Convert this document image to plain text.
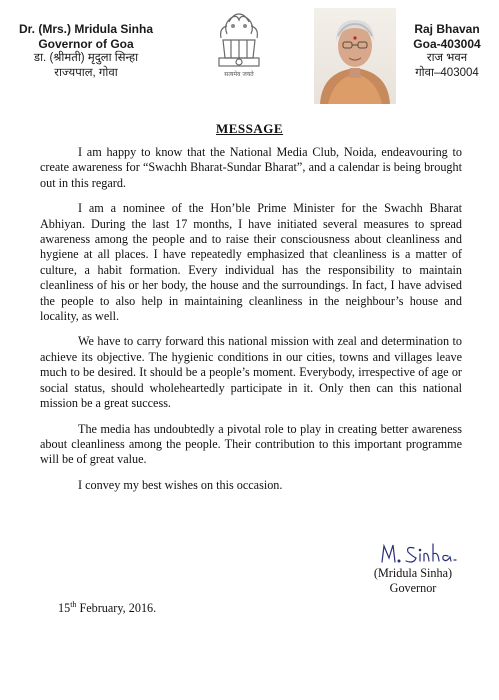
Dr. (Mrs.) Mridula Sinha
Governor of Goa
डा. (श्रीमती) मृदुला सिन्हा
राज्यपाल, गोवा	सत्यमेव जयते
Raj Bhavan
Goa-403004
राज भवन
गोवा–403004
MESSAGE

I am happy to know that the National Media Club, Noida, endeavouring to create awareness for “Swachh Bharat-Sundar Bharat”, and a calendar is being brought out in this regard.

I am a nominee of the Hon’ble Prime Minister for the Swachh Bharat Abhiyan. During the last 17 months, I have initiated several measures to spread awareness among the people and to raise their consciousness about cleanliness and hygiene at all places. I have repeatedly emphasized that cleanliness is a matter of culture, a habit formation. Every individual has the responsibility to maintain cleanliness of his or her body, the house and the surroundings. In fact, I have advised the people to also help in maintaining cleanliness in the neighbour’s house and locality, as well.

We have to carry forward this national mission with zeal and determination to achieve its objective. The hygienic conditions in our cities, towns and villages leave much to be desired. It should be a people’s moment. Everybody, irrespective of age or social status, should wholeheartedly participate in it. Only then can this national mission be a great success.

The media has undoubtedly a pivotal role to play in creating better awareness about cleanliness among the people. Their contribution to this important programme will be of great value.

I convey my best wishes on this occasion.

(Mridula Sinha)
Governor
15th February, 2016.
